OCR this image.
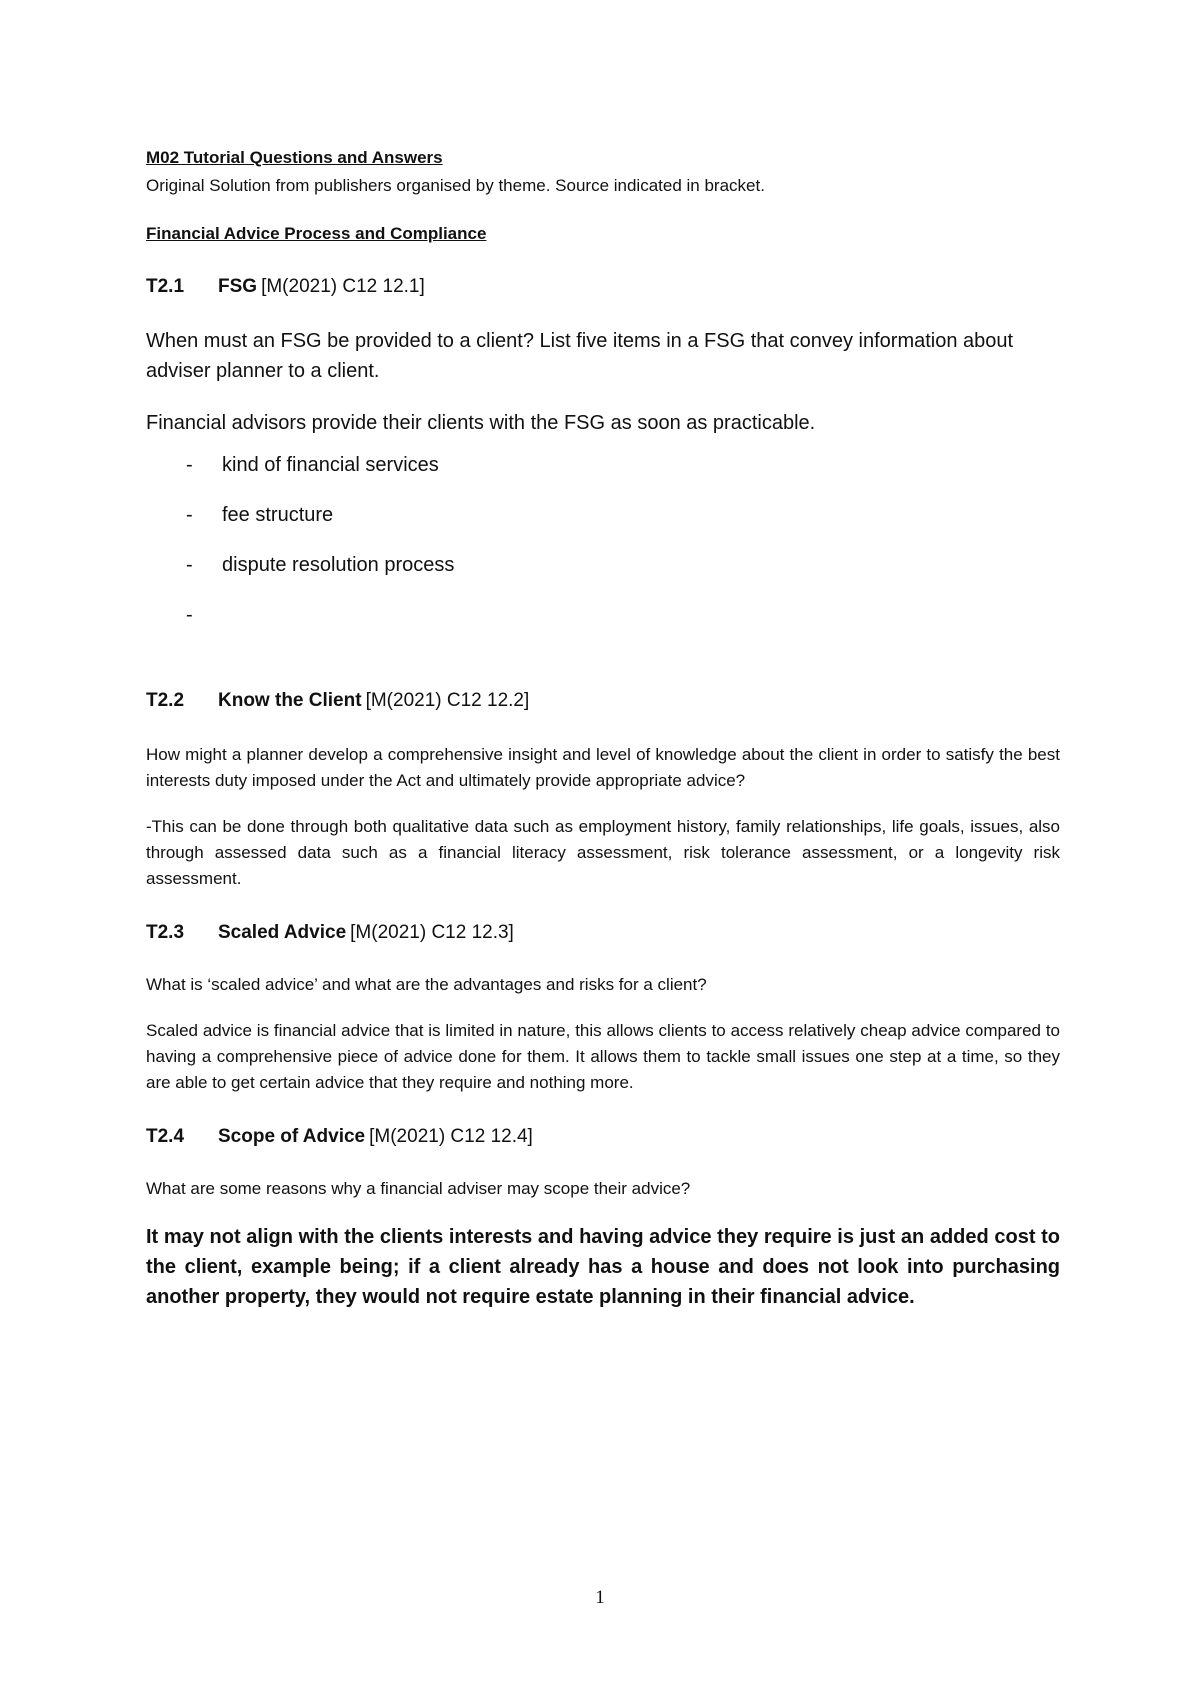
M02 Tutorial Questions and Answers

Original Solution from publishers organised by theme. Source indicated in bracket.

Financial Advice Process and Compliance

T2.1	FSG [M(2021) C12 12.1]

When must an FSG be provided to a client? List five items in a FSG that convey information about adviser planner to a client.

Financial advisors provide their clients with the FSG as soon as practicable.

-	kind of financial services
-	fee structure
-	dispute resolution process
-
T2.2	Know the Client [M(2021) C12 12.2]

How might a planner develop a comprehensive insight and level of knowledge about the client in order to satisfy the best interests duty imposed under the Act and ultimately provide appropriate advice?

-This can be done through both qualitative data such as employment history, family relationships, life goals, issues, also through assessed data such as a financial literacy assessment, risk tolerance assessment, or a longevity risk assessment.

T2.3	Scaled Advice [M(2021) C12 12.3]

What is ‘scaled advice’ and what are the advantages and risks for a client?

Scaled advice is financial advice that is limited in nature, this allows clients to access relatively cheap advice compared to having a comprehensive piece of advice done for them. It allows them to tackle small issues one step at a time, so they are able to get certain advice that they require and nothing more.

T2.4	Scope of Advice [M(2021) C12 12.4]

What are some reasons why a financial adviser may scope their advice?

It may not align with the clients interests and having advice they require is just an added cost to the client, example being; if a client already has a house and does not look into purchasing another property, they would not require estate planning in their financial advice.

1
